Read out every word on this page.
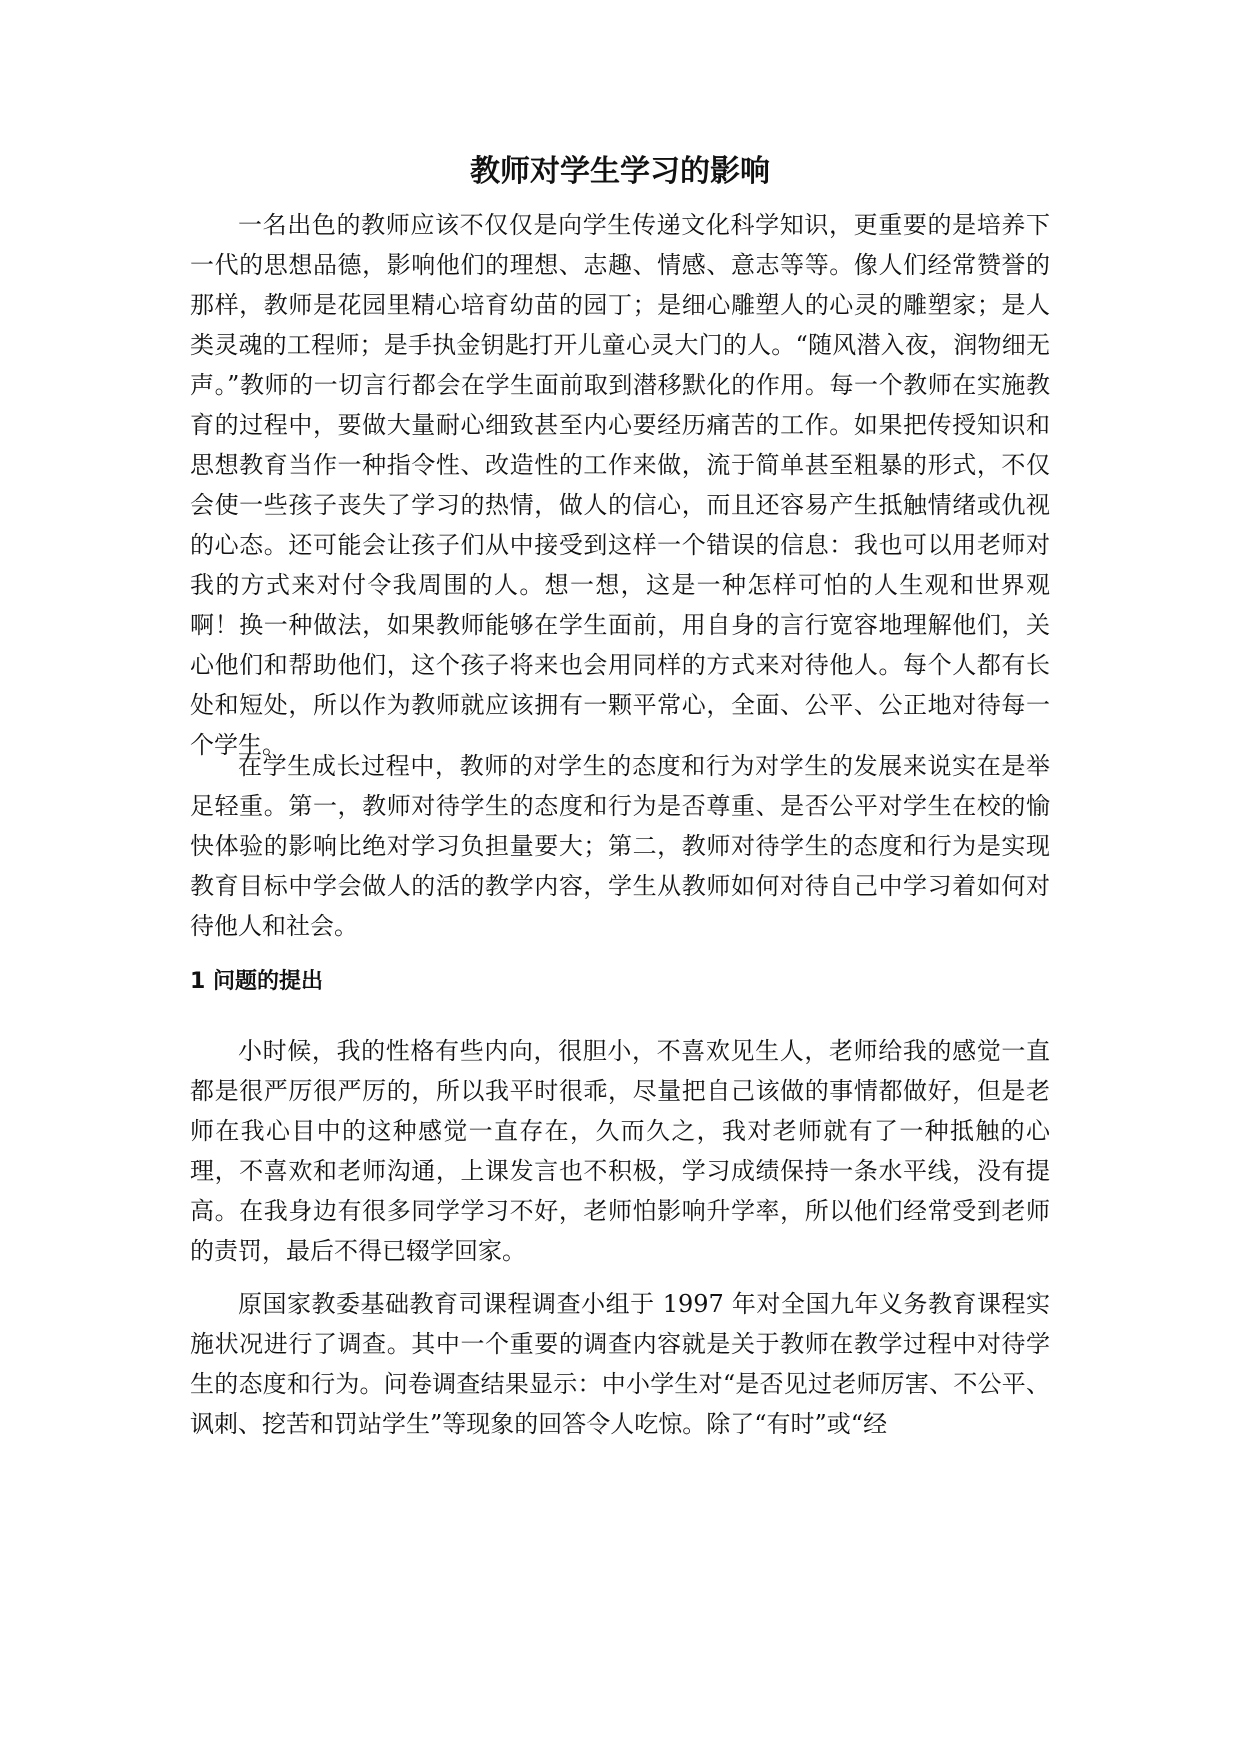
教师对学生学习的影响

一名出色的教师应该不仅仅是向学生传递文化科学知识，更重要的是培养下一代的思想品德，影响他们的理想、志趣、情感、意志等等。像人们经常赞誉的那样，教师是花园里精心培育幼苗的园丁；是细心雕塑人的心灵的雕塑家；是人类灵魂的工程师；是手执金钥匙打开儿童心灵大门的人。“随风潜入夜，润物细无声。”教师的一切言行都会在学生面前取到潜移默化的作用。每一个教师在实施教育的过程中，要做大量耐心细致甚至内心要经历痛苦的工作。如果把传授知识和思想教育当作一种指令性、改造性的工作来做，流于简单甚至粗暴的形式，不仅会使一些孩子丧失了学习的热情，做人的信心，而且还容易产生抵触情绪或仇视的心态。还可能会让孩子们从中接受到这样一个错误的信息：我也可以用老师对我的方式来对付令我周围的人。想一想，这是一种怎样可怕的人生观和世界观啊！换一种做法，如果教师能够在学生面前，用自身的言行宽容地理解他们，关心他们和帮助他们，这个孩子将来也会用同样的方式来对待他人。每个人都有长处和短处，所以作为教师就应该拥有一颗平常心，全面、公平、公正地对待每一个学生。

在学生成长过程中，教师的对学生的态度和行为对学生的发展来说实在是举足轻重。第一，教师对待学生的态度和行为是否尊重、是否公平对学生在校的愉快体验的影响比绝对学习负担量要大；第二，教师对待学生的态度和行为是实现教育目标中学会做人的活的教学内容，学生从教师如何对待自己中学习着如何对待他人和社会。

1 问题的提出

小时候，我的性格有些内向，很胆小，不喜欢见生人，老师给我的感觉一直都是很严厉很严厉的，所以我平时很乖，尽量把自己该做的事情都做好，但是老师在我心目中的这种感觉一直存在，久而久之，我对老师就有了一种抵触的心理，不喜欢和老师沟通，上课发言也不积极，学习成绩保持一条水平线，没有提高。在我身边有很多同学学习不好，老师怕影响升学率，所以他们经常受到老师的责罚，最后不得已辍学回家。

原国家教委基础教育司课程调查小组于 1997 年对全国九年义务教育课程实施状况进行了调查。其中一个重要的调查内容就是关于教师在教学过程中对待学生的态度和行为。问卷调查结果显示：中小学生对“是否见过老师厉害、不公平、讽刺、挖苦和罚站学生”等现象的回答令人吃惊。除了“有时”或“经
